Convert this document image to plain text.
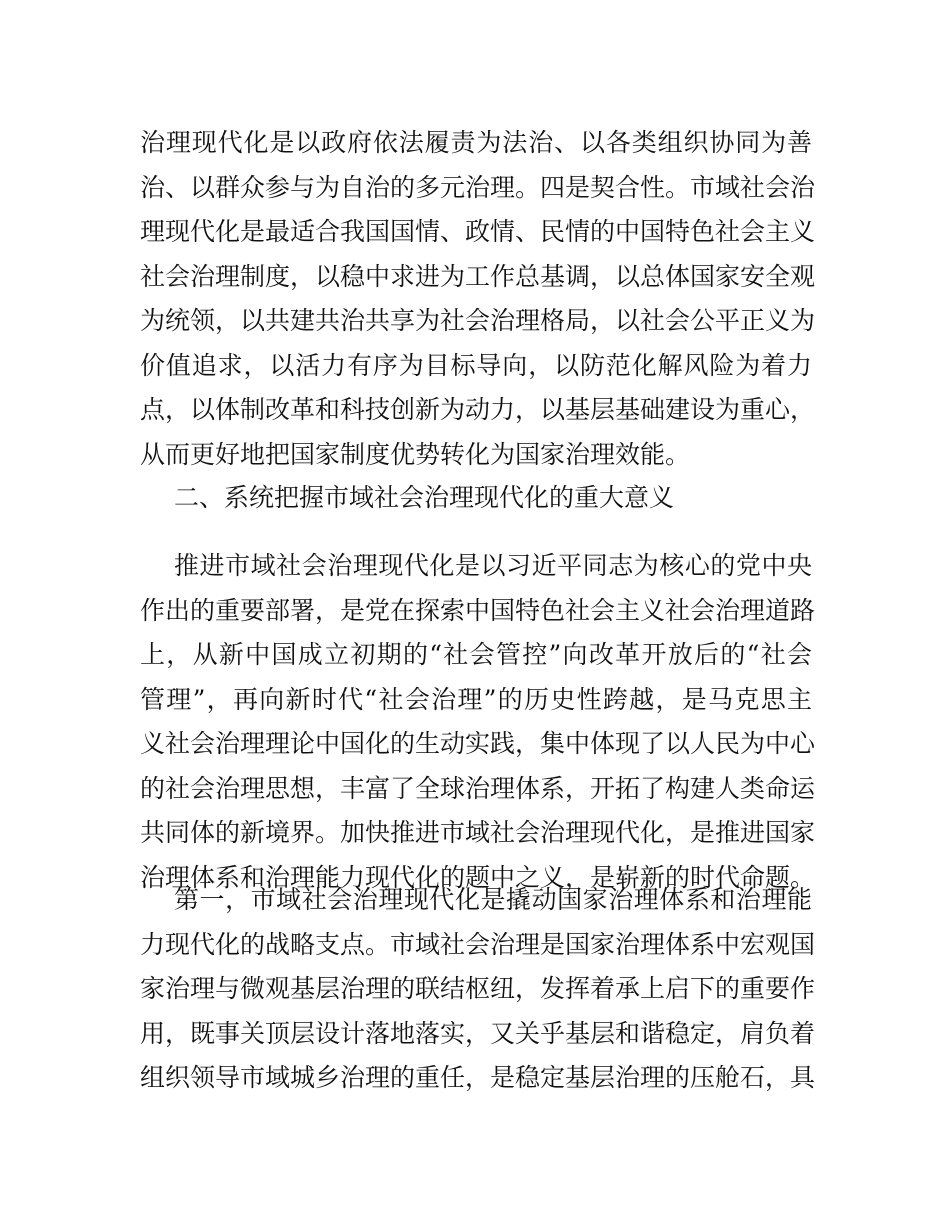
治理现代化是以政府依法履责为法治、以各类组织协同为善
治、以群众参与为自治的多元治理。四是契合性。市域社会治
理现代化是最适合我国国情、政情、民情的中国特色社会主义
社会治理制度，以稳中求进为工作总基调，以总体国家安全观
为统领，以共建共治共享为社会治理格局，以社会公平正义为
价值追求，以活力有序为目标导向，以防范化解风险为着力
点，以体制改革和科技创新为动力，以基层基础建设为重心，
从而更好地把国家制度优势转化为国家治理效能。
二、系统把握市域社会治理现代化的重大意义
推进市域社会治理现代化是以习近平同志为核心的党中央
作出的重要部署，是党在探索中国特色社会主义社会治理道路
上，从新中国成立初期的“社会管控”向改革开放后的“社会
管理”，再向新时代“社会治理”的历史性跨越，是马克思主
义社会治理理论中国化的生动实践，集中体现了以人民为中心
的社会治理思想，丰富了全球治理体系，开拓了构建人类命运
共同体的新境界。加快推进市域社会治理现代化，是推进国家
治理体系和治理能力现代化的题中之义，是崭新的时代命题。
第一，市域社会治理现代化是撬动国家治理体系和治理能
力现代化的战略支点。市域社会治理是国家治理体系中宏观国
家治理与微观基层治理的联结枢纽，发挥着承上启下的重要作
用，既事关顶层设计落地落实，又关乎基层和谐稳定，肩负着
组织领导市域城乡治理的重任，是稳定基层治理的压舱石，具
